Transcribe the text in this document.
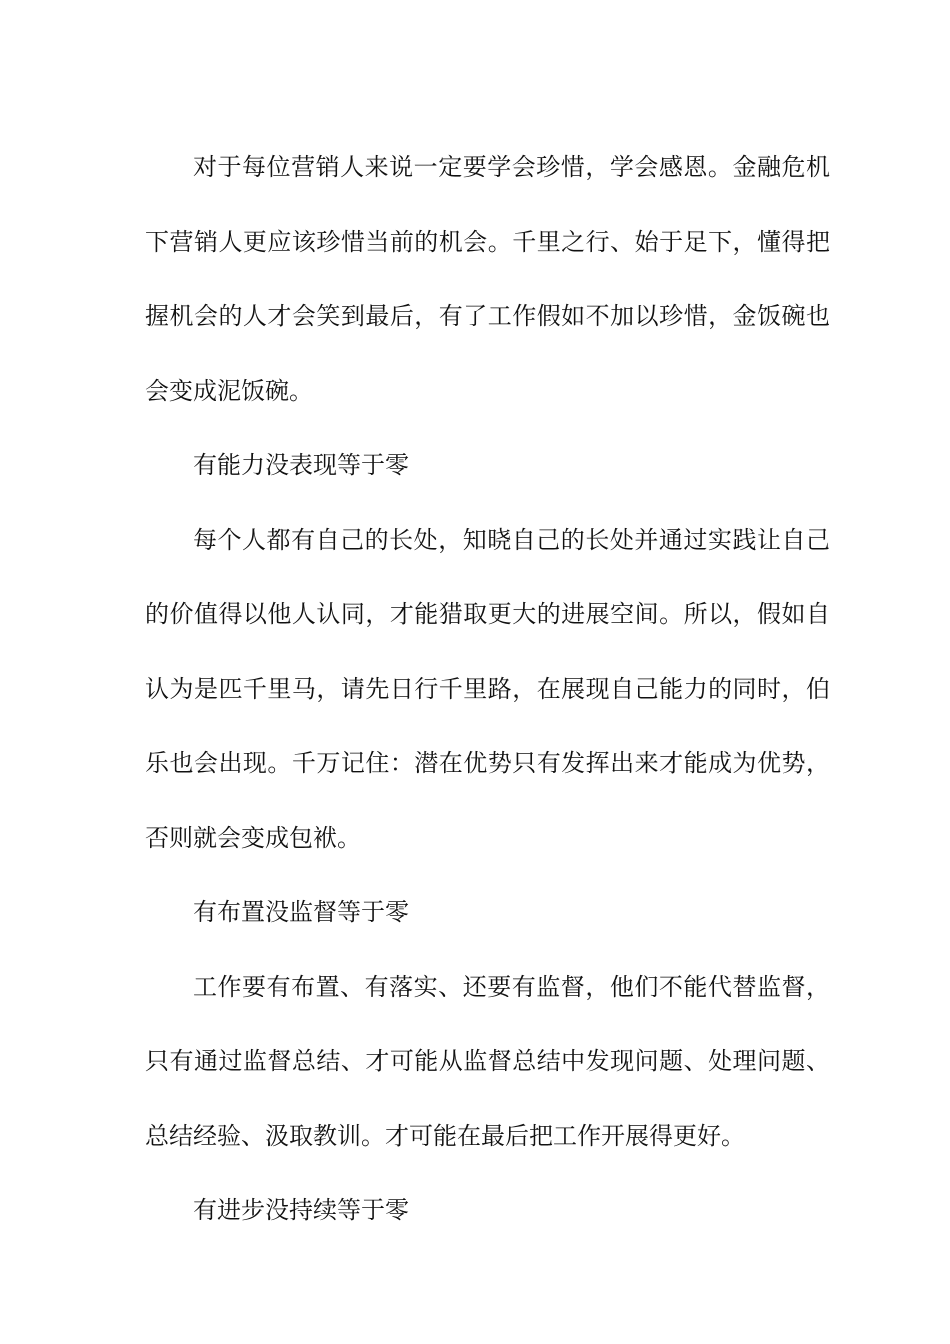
对于每位营销人来说一定要学会珍惜，学会感恩。金融危机下营销人更应该珍惜当前的机会。千里之行、始于足下，懂得把握机会的人才会笑到最后，有了工作假如不加以珍惜，金饭碗也会变成泥饭碗。

有能力没表现等于零

每个人都有自己的长处，知晓自己的长处并通过实践让自己的价值得以他人认同，才能猎取更大的进展空间。所以，假如自认为是匹千里马，请先日行千里路，在展现自己能力的同时，伯乐也会出现。千万记住：潜在优势只有发挥出来才能成为优势，否则就会变成包袱。

有布置没监督等于零

工作要有布置、有落实、还要有监督，他们不能代替监督，只有通过监督总结、才可能从监督总结中发现问题、处理问题、总结经验、汲取教训。才可能在最后把工作开展得更好。

有进步没持续等于零
